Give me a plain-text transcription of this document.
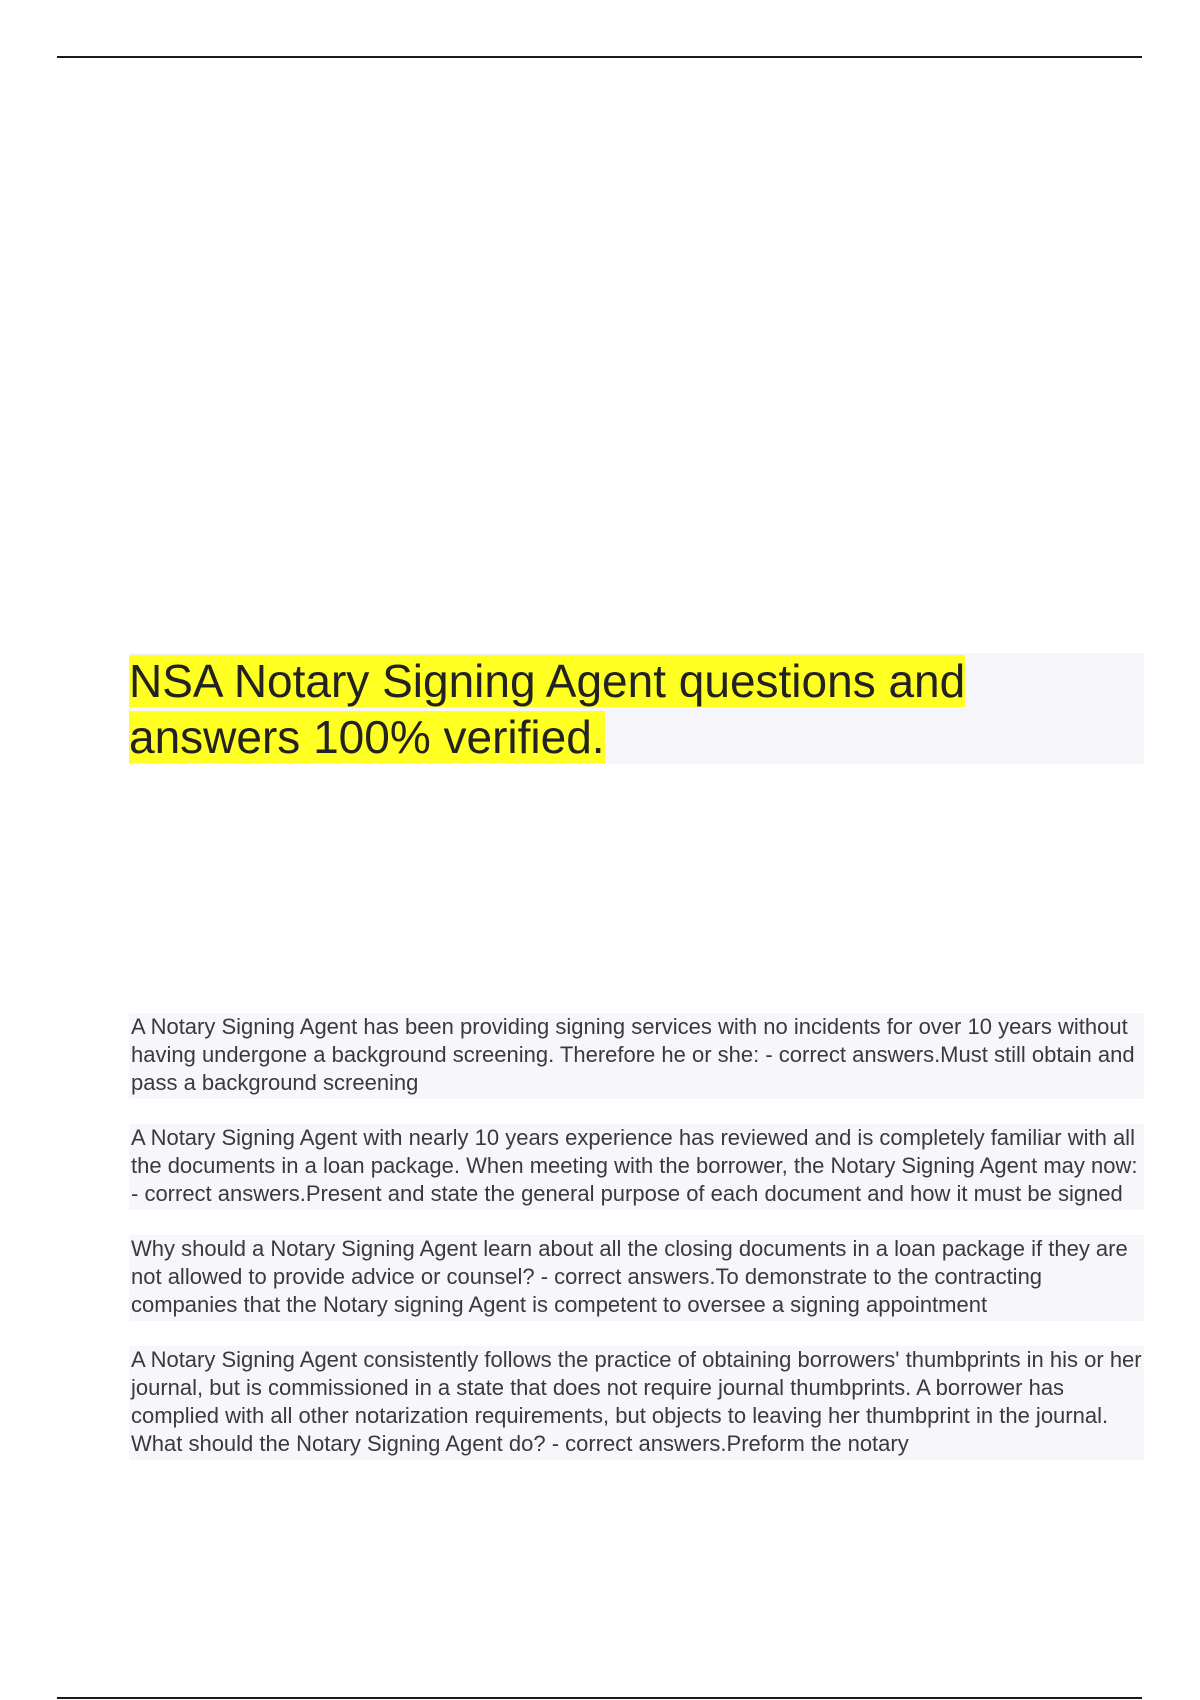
NSA Notary Signing Agent questions and answers 100% verified.
A Notary Signing Agent has been providing signing services with no incidents for over 10 years without having undergone a background screening. Therefore he or she: - correct answers.Must still obtain and pass a background screening
A Notary Signing Agent with nearly 10 years experience has reviewed and is completely familiar with all the documents in a loan package. When meeting with the borrower, the Notary Signing Agent may now: - correct answers.Present and state the general purpose of each document and how it must be signed
Why should a Notary Signing Agent learn about all the closing documents in a loan package if they are not allowed to provide advice or counsel? - correct answers.To demonstrate to the contracting companies that the Notary signing Agent is competent to oversee a signing appointment
A Notary Signing Agent consistently follows the practice of obtaining borrowers' thumbprints in his or her journal, but is commissioned in a state that does not require journal thumbprints. A borrower has complied with all other notarization requirements, but objects to leaving her thumbprint in the journal. What should the Notary Signing Agent do? - correct answers.Preform the notary
